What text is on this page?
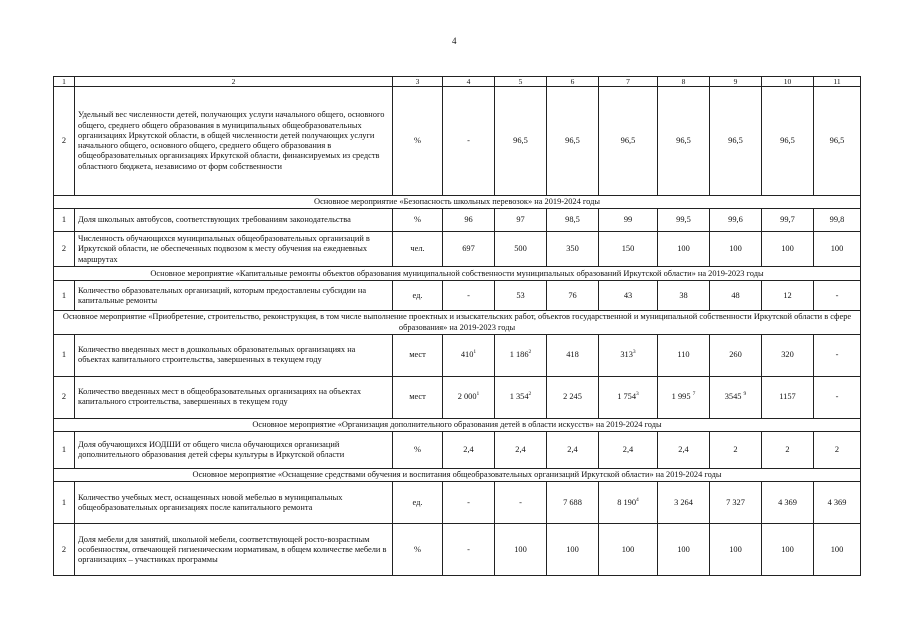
4
1	2	3	4	5	6	7	8	9	10	11
2	Удельный вес численности детей, получающих услуги начального общего, основного общего, среднего общего образования в муниципальных общеобразовательных организациях Иркутской области, в общей численности детей получающих услуги начального общего, основного общего, среднего общего образования в общеобразовательных организациях Иркутской области, финансируемых из средств областного бюджета, независимо от форм собственности	%	-	96,5	96,5	96,5	96,5	96,5	96,5	96,5
Основное мероприятие «Безопасность школьных перевозок» на 2019-2024 годы										
1	Доля школьных автобусов, соответствующих требованиям законодательства	%	96	97	98,5	99	99,5	99,6	99,7	99,8
2	Численность обучающихся муниципальных общеобразовательных организаций в Иркутской области, не обеспеченных подвозом к месту обучения на ежедневных маршрутах	чел.	697	500	350	150	100	100	100	100
Основное мероприятие «Капитальные ремонты объектов образования муниципальной собственности муниципальных образований Иркутской области» на 2019-2023 годы										
1	Количество образовательных организаций, которым предоставлены субсидии на капитальные ремонты	ед.	-	53	76	43	38	48	12	-
Основное мероприятие «Приобретение, строительство, реконструкция, в том числе выполнение проектных и изыскательских работ, объектов государственной и муниципальной собственности Иркутской области в сфере образования» на 2019-2023 годы										
1	Количество введенных мест в дошкольных образовательных организациях на объектах капитального строительства, завершенных в текущем году	мест	$410^1$	1 $186^2$	418	$313^3$	110	260	320	-
2	Количество введенных мест в общеобразовательных организациях на объектах капитального строительства, завершенных в текущем году	мест	2 $000^1$	1 $354^2$	2 245	1 $754^3$	1 995 $^7$	3545 $^9$	1157	-
Основное мероприятие «Организация дополнительного образования детей в области искусств» на 2019-2024 годы										
1	Доля обучающихся ИОДШИ от общего числа обучающихся организаций дополнительного образования детей сферы культуры в Иркутской области	%	2,4	2,4	2,4	2,4	2,4	2	2	2
Основное мероприятие «Оснащение средствами обучения и воспитания общеобразовательных организаций Иркутской области» на 2019-2024 годы										
1	Количество учебных мест, оснащенных новой мебелью в муниципальных общеобразовательных организациях после капитального ремонта	ед.	-	-	7 688	8 $190^4$	3 264	7 327	4 369	4 369
2	Доля мебели для занятий, школьной мебели, соответствующей росто-возрастным особенностям, отвечающей гигиеническим нормативам, в общем количестве мебели в организациях – участниках программы	%	-	100	100	100	100	100	100	100
